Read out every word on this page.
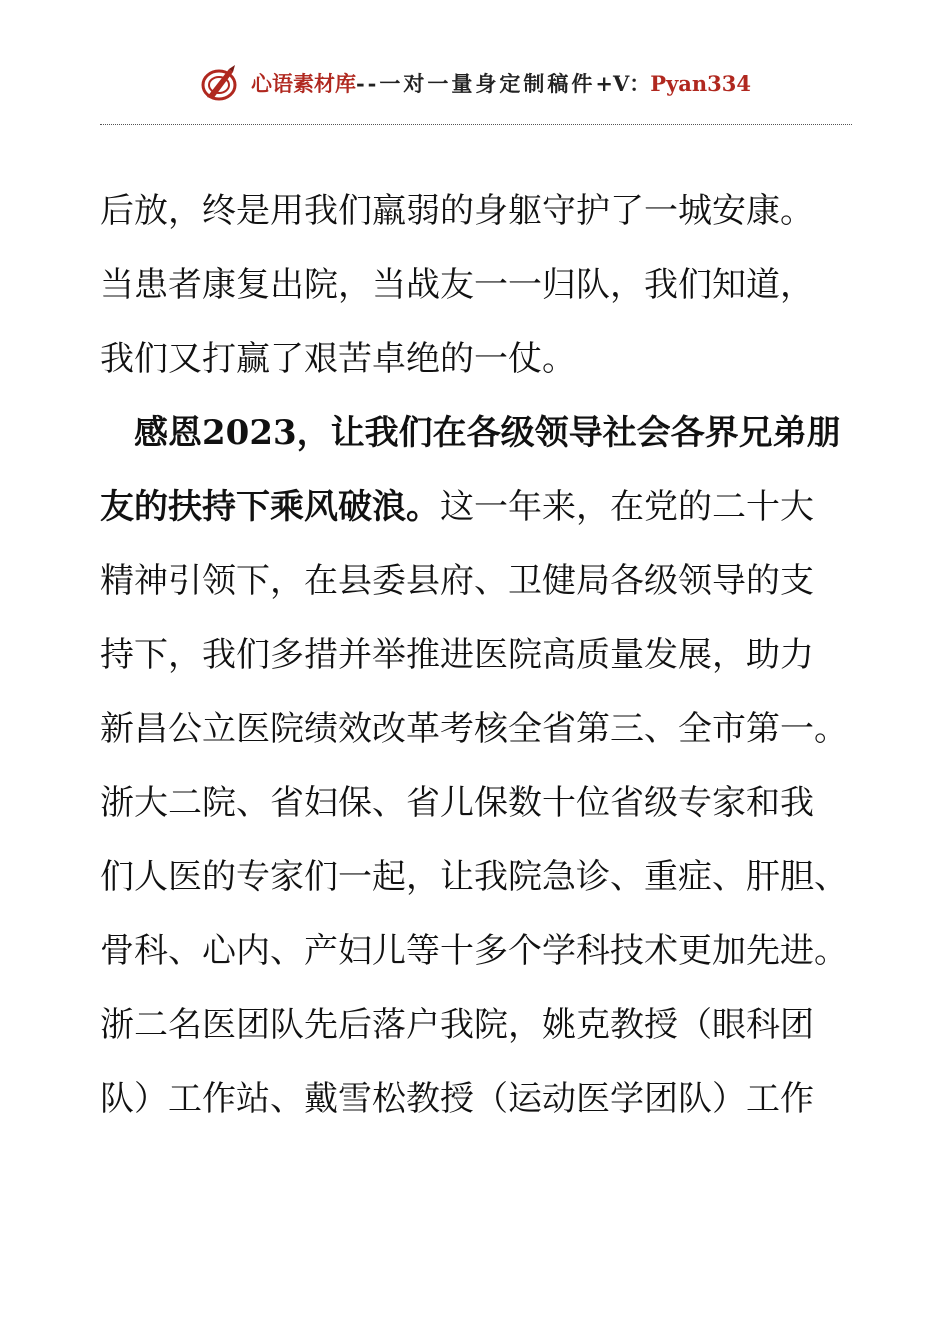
心语素材库--一对一量身定制稿件+V：Pyan334
后放，终是用我们羸弱的身躯守护了一城安康。
当患者康复出院，当战友一一归队，我们知道，
我们又打赢了艰苦卓绝的一仗。
感恩2023，让我们在各级领导社会各界兄弟朋
友的扶持下乘风破浪。这一年来，在党的二十大
精神引领下，在县委县府、卫健局各级领导的支
持下，我们多措并举推进医院高质量发展，助力
新昌公立医院绩效改革考核全省第三、全市第一。
浙大二院、省妇保、省儿保数十位省级专家和我
们人医的专家们一起，让我院急诊、重症、肝胆、
骨科、心内、产妇儿等十多个学科技术更加先进。
浙二名医团队先后落户我院，姚克教授（眼科团
队）工作站、戴雪松教授（运动医学团队）工作
